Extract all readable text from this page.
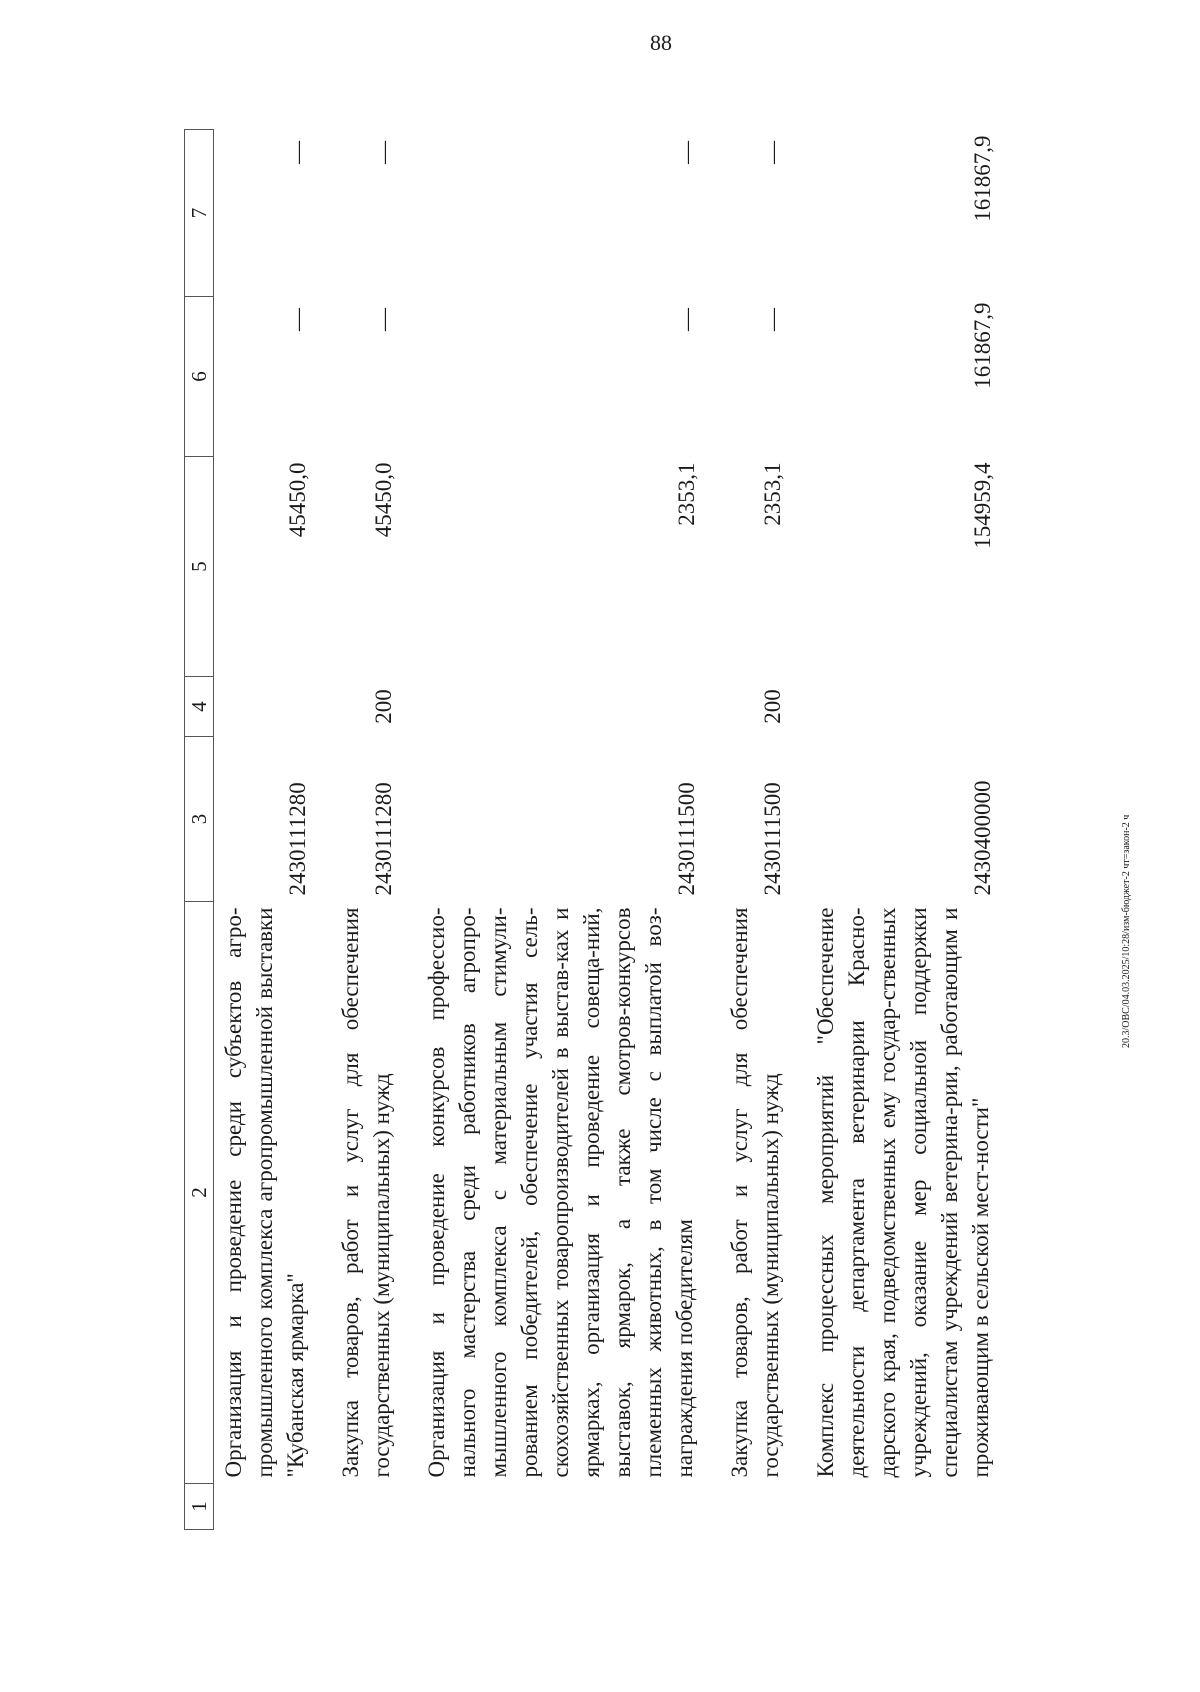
88
20.3/ОВС/04.03.2025/10:28/изм-бюджет-2 чт=закон-2 ч
1	2	3	4	5	6	7
	Организация и проведение среди субъектов агро-промышленного комплекса агропромышленной выставки "Кубанская ярмарка"	2430111280		45450,0	—	—

	Закупка товаров, работ и услуг для обеспечения государственных (муниципальных) нужд	2430111280	200	45450,0	—	—

	Организация и проведение конкурсов профессио-нального мастерства среди работников агропро-мышленного комплекса с материальным стимули-рованием победителей, обеспечение участия сель-скохозяйственных товаропроизводителей в выстав-ках и ярмарках, организация и проведение совеща-ний, выставок, ярмарок, а также смотров-конкурсов племенных животных, в том числе с выплатой воз-награждения победителям	2430111500		2353,1	—	—

	Закупка товаров, работ и услуг для обеспечения государственных (муниципальных) нужд	2430111500	200	2353,1	—	—

	Комплекс процессных мероприятий "Обеспечение деятельности департамента ветеринарии Красно-дарского края, подведомственных ему государ-ственных учреждений, оказание мер социальной поддержки специалистам учреждений ветерина-рии, работающим и проживающим в сельской мест-ности"	2430400000		154959,4	161867,9	161867,9
